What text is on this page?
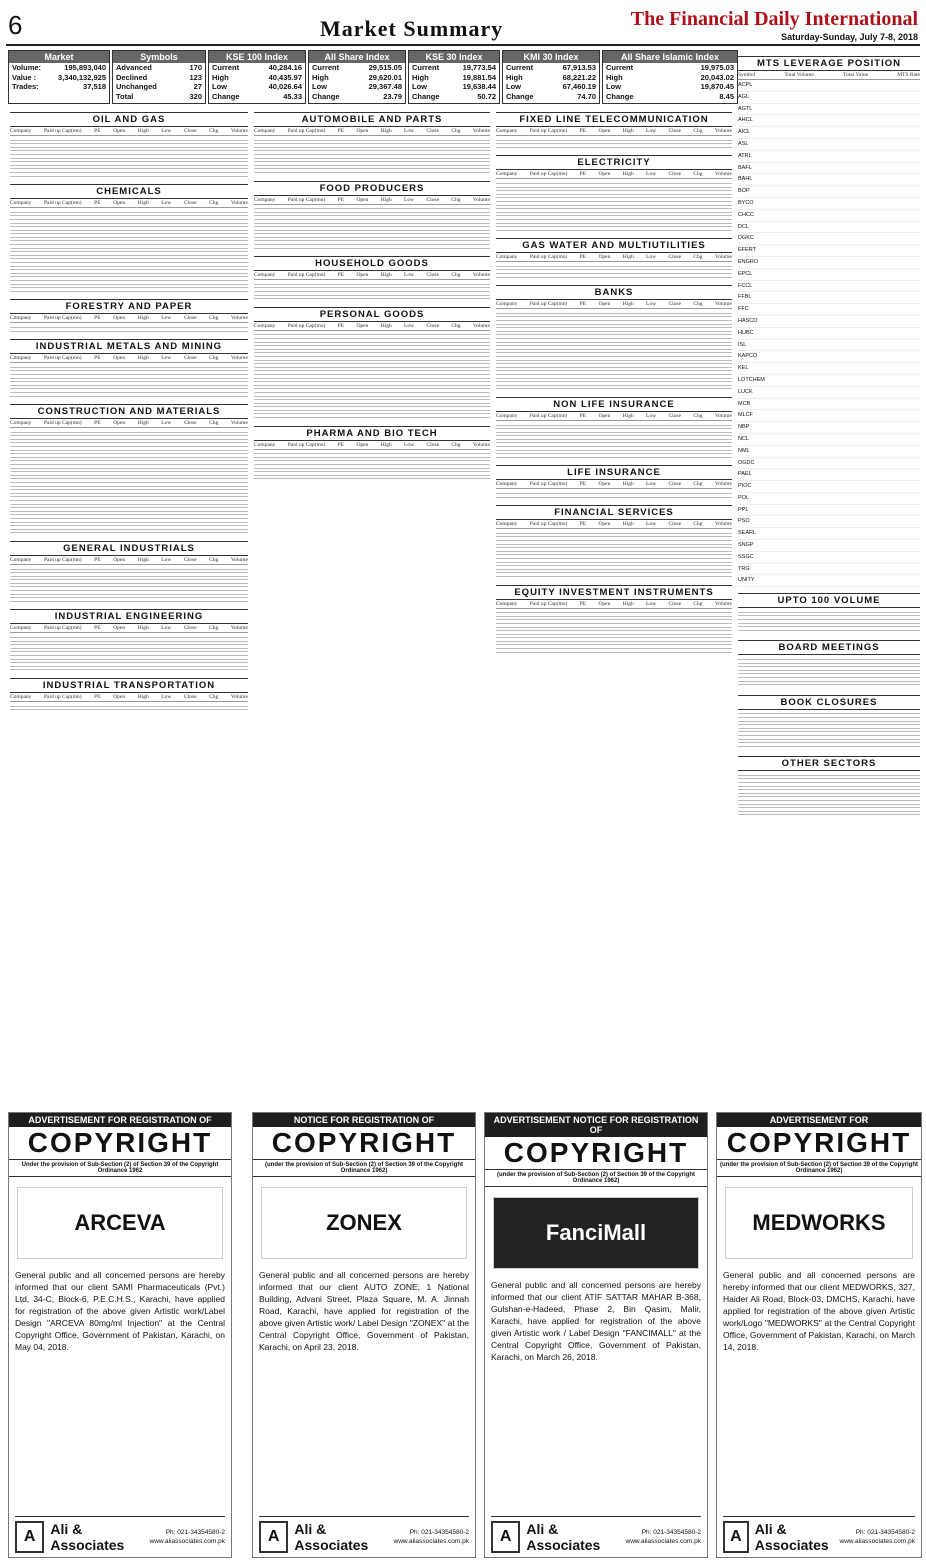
6	Market Summary	The Financial Daily International
Saturday-Sunday, July 7-8, 2018
Market
Volume:	195,893,040
Value :	3,340,132,925
Trades:	37,518
Symbols
Advanced	170
Declined	123
Unchanged	27
Total	320
KSE 100 Index
Current	40,284.16
High	40,435.97
Low	40,026.64
Change	45.33
All Share Index
Current	29,515.05
High	29,620.01
Low	29,367.48
Change	23.79
KSE 30 Index
Current	19,773.54
High	19,881.54
Low	19,638.44
Change	50.72
KMI 30 Index
Current	67,913.53
High	68,221.22
Low	67,460.19
Change	74.70
All Share Islamic Index
Current	19,975.03
High	20,043.02
Low	19,870.45
Change	8.45
OIL AND GAS
Company Paid up Cap(mn) PE Open High Low Close Chg Volume
CHEMICALS
Company Paid up Cap(mn) PE Open High Low Close Chg Volume
FORESTRY AND PAPER
Company Paid up Cap(mn) PE Open High Low Close Chg Volume
INDUSTRIAL METALS AND MINING
Company Paid up Cap(mn) PE Open High Low Close Chg Volume
CONSTRUCTION AND MATERIALS
Company Paid up Cap(mn) PE Open High Low Close Chg Volume
GENERAL INDUSTRIALS
Company Paid up Cap(mn) PE Open High Low Close Chg Volume
INDUSTRIAL ENGINEERING
Company Paid up Cap(mn) PE Open High Low Close Chg Volume
INDUSTRIAL TRANSPORTATION
Company Paid up Cap(mn) PE Open High Low Close Chg Volume
AUTOMOBILE AND PARTS
Company Paid up Cap(mn) PE Open High Low Close Chg Volume
FOOD PRODUCERS
Company Paid up Cap(mn) PE Open High Low Close Chg Volume
HOUSEHOLD GOODS
Company Paid up Cap(mn) PE Open High Low Close Chg Volume
PERSONAL GOODS
Company Paid up Cap(mn) PE Open High Low Close Chg Volume
PHARMA AND BIO TECH
Company Paid up Cap(mn) PE Open High Low Close Chg Volume
FIXED LINE TELECOMMUNICATION
Company Paid up Cap(mn) PE Open High Low Close Chg Volume
ELECTRICITY
Company Paid up Cap(mn) PE Open High Low Close Chg Volume
GAS WATER AND MULTIUTILITIES
Company Paid up Cap(mn) PE Open High Low Close Chg Volume
BANKS
Company Paid up Cap(mn) PE Open High Low Close Chg Volume
NON LIFE INSURANCE
Company Paid up Cap(mn) PE Open High Low Close Chg Volume
LIFE INSURANCE
Company Paid up Cap(mn) PE Open High Low Close Chg Volume
FINANCIAL SERVICES
Company Paid up Cap(mn) PE Open High Low Close Chg Volume
EQUITY INVESTMENT INSTRUMENTS
Company Paid up Cap(mn) PE Open High Low Close Chg Volume
MTS LEVERAGE POSITION
Symbol	Total Volume	Total Value	MTS Rate
ACPL
AGL
AGTL
AHCL
AICL
ASL
ATRL
BAFL
BAHL
BOP
BYCO
CHCC
DCL
DGKC
EFERT
ENGRO
EPCL
FCCL
FFBL
FFC
HASCO
HUBC
ISL
KAPCO
KEL
LOTCHEM
LUCK
MCB
MLCF
NBP
NCL
NML
OGDC
PAEL
PIOC
POL
PPL
PSO
SEARL
SNGP
SSGC
TRG
UNITY
UPTO 100 VOLUME
BOARD MEETINGS
BOOK CLOSURES
OTHER SECTORS
ADVERTISEMENT FOR REGISTRATION OF
COPYRIGHT
Under the provision of Sub-Section (2) of Section 39 of the Copyright Ordinance 1962
ARCEVA

General public and all concerned persons are hereby informed that our client SAMI Pharmaceuticals (Pvt.) Ltd, 34-C, Block-6, P.E.C.H.S., Karachi, have applied for registration of the above given Artistic work/Label Design "ARCEVA 80mg/ml Injection" at the Central Copyright Office, Government of Pakistan, Karachi, on May 04, 2018.

A	Ali & Associates
Ph: 021-34354580-2
www.aliassociates.com.pk
NOTICE FOR REGISTRATION OF
COPYRIGHT
(under the provision of Sub-Section (2) of Section 39 of the Copyright Ordinance 1962)
ZONEX

General public and all concerned persons are hereby informed that our client AUTO ZONE, 1 National Building, Advani Street, Plaza Square, M. A. Jinnah Road, Karachi, have applied for registration of the above given Artistic work/ Label Design "ZONEX" at the Central Copyright Office, Government of Pakistan, Karachi, on April 23, 2018.

A	Ali & Associates
Ph: 021-34354580-2
www.aliassociates.com.pk
ADVERTISEMENT NOTICE FOR REGISTRATION OF
COPYRIGHT
(under the provision of Sub-Section (2) of Section 39 of the Copyright Ordinance 1962)
FanciMall

General public and all concerned persons are hereby informed that our client ATIF SATTAR MAHAR B-368, Gulshan-e-Hadeed, Phase 2, Bin Qasim, Malir, Karachi, have applied for registration of the above given Artistic work / Label Design "FANCIMALL" at the Central Copyright Office, Government of Pakistan, Karachi, on March 26, 2018.

A	Ali & Associates
Ph: 021-34354580-2
www.aliassociates.com.pk
ADVERTISEMENT FOR
COPYRIGHT
(under the provision of Sub-Section (2) of Section 39 of the Copyright Ordinance 1962)
MEDWORKS

General public and all concerned persons are hereby informed that our client MEDWORKS, 327, Haider Ali Road, Block-03, DMCHS, Karachi, have applied for registration of the above given Artistic work/Logo "MEDWORKS" at the Central Copyright Office, Government of Pakistan, Karachi, on March 14, 2018.

A Ali & Associates
Ph: 021-34354580-2
www.aliassociates.com.pk
